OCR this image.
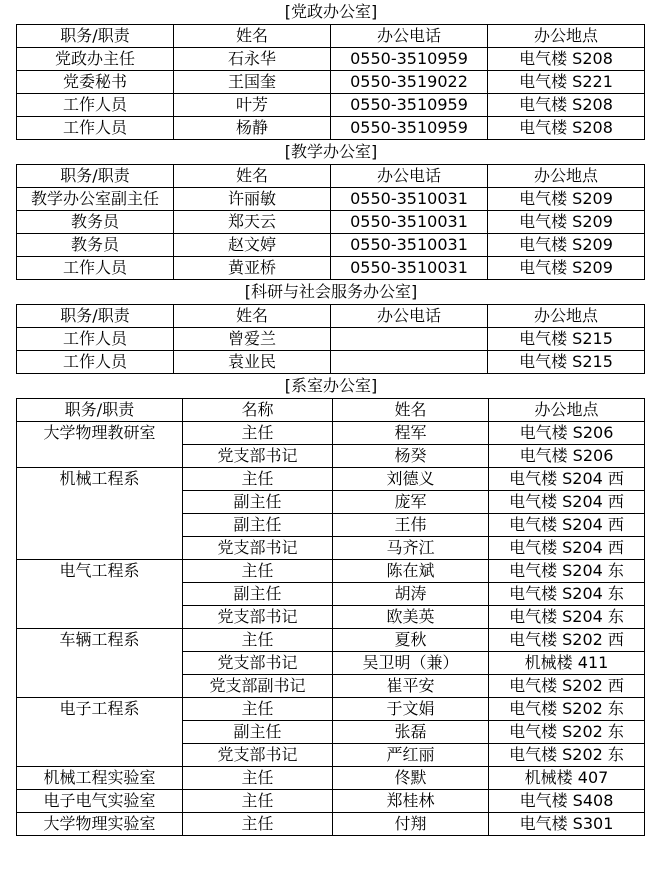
[党政办公室]
职务/职责	姓名	办公电话	办公地点
党政办主任	石永华	0550-3510959	电气楼 S208
党委秘书	王国奎	0550-3519022	电气楼 S221
工作人员	叶芳	0550-3510959	电气楼 S208
工作人员	杨静	0550-3510959	电气楼 S208
[教学办公室]
职务/职责	姓名	办公电话	办公地点
教学办公室副主任	许丽敏	0550-3510031	电气楼 S209
教务员	郑天云	0550-3510031	电气楼 S209
教务员	赵文婷	0550-3510031	电气楼 S209
工作人员	黄亚桥	0550-3510031	电气楼 S209
[科研与社会服务办公室]
职务/职责	姓名	办公电话	办公地点
工作人员	曾爱兰		电气楼 S215
工作人员	袁业民		电气楼 S215
[系室办公室]
职务/职责	名称	姓名	办公地点
大学物理教研室	主任	程军	电气楼 S206
	党支部书记	杨癸	电气楼 S206
机械工程系	主任	刘德义	电气楼 S204 西
	副主任	庞军	电气楼 S204 西
	副主任	王伟	电气楼 S204 西
	党支部书记	马齐江	电气楼 S204 西
电气工程系	主任	陈在斌	电气楼 S204 东
	副主任	胡涛	电气楼 S204 东
	党支部书记	欧美英	电气楼 S204 东
车辆工程系	主任	夏秋	电气楼 S202 西
	党支部书记	吴卫明（兼）	机械楼 411
	党支部副书记	崔平安	电气楼 S202 西
电子工程系	主任	于文娟	电气楼 S202 东
	副主任	张磊	电气楼 S202 东
	党支部书记	严红丽	电气楼 S202 东
机械工程实验室	主任	佟默	机械楼 407
电子电气实验室	主任	郑桂林	电气楼 S408
大学物理实验室	主任	付翔	电气楼 S301
